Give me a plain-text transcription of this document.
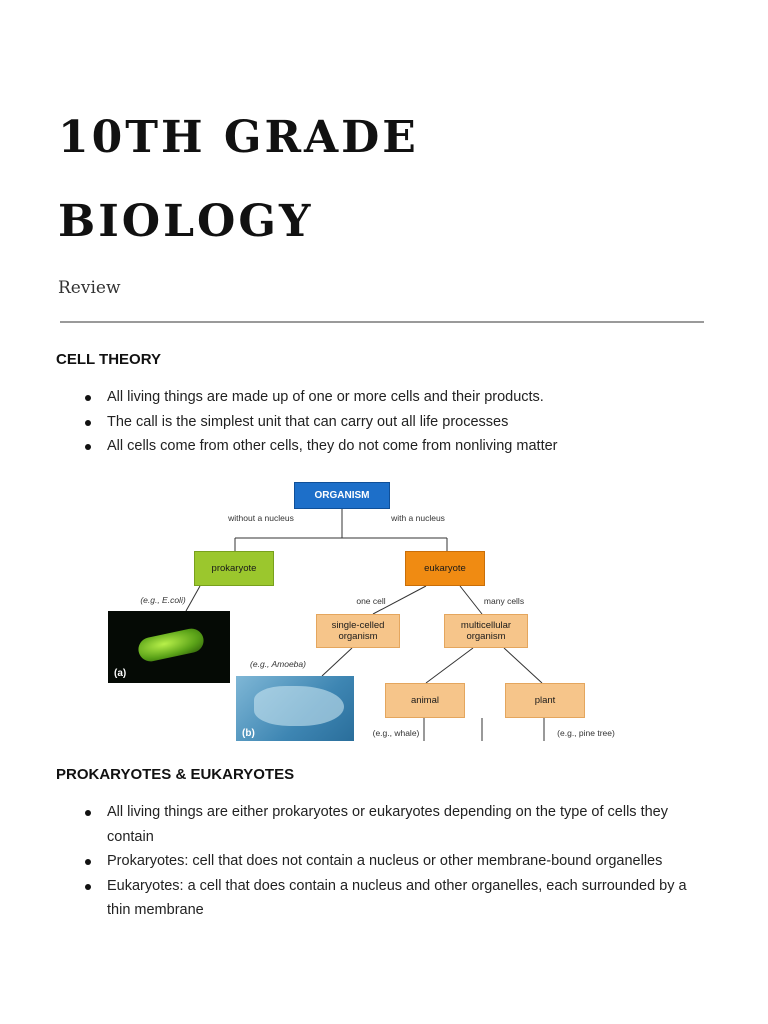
10TH GRADE
BIOLOGY
Review
CELL THEORY
All living things are made up of one or more cells and their products.
The call is the simplest unit that can carry out all life processes
All cells come from other cells, they do not come from nonliving matter
ORGANISM
without a nucleus	with a nucleus
prokaryote	eukaryote
(e.g., E.coli)	one cell	many cells
single-celled organism
multicellular organism
(a)
(e.g., Amoeba)
(b)
animal	plant
(e.g., whale)	(e.g., pine tree)
PROKARYOTES & EUKARYOTES
All living things are either prokaryotes or eukaryotes depending on the type of cells they contain
Prokaryotes: cell that does not contain a nucleus or other membrane-bound organelles
Eukaryotes: a cell that does contain a nucleus and other organelles, each surrounded by a thin membrane
